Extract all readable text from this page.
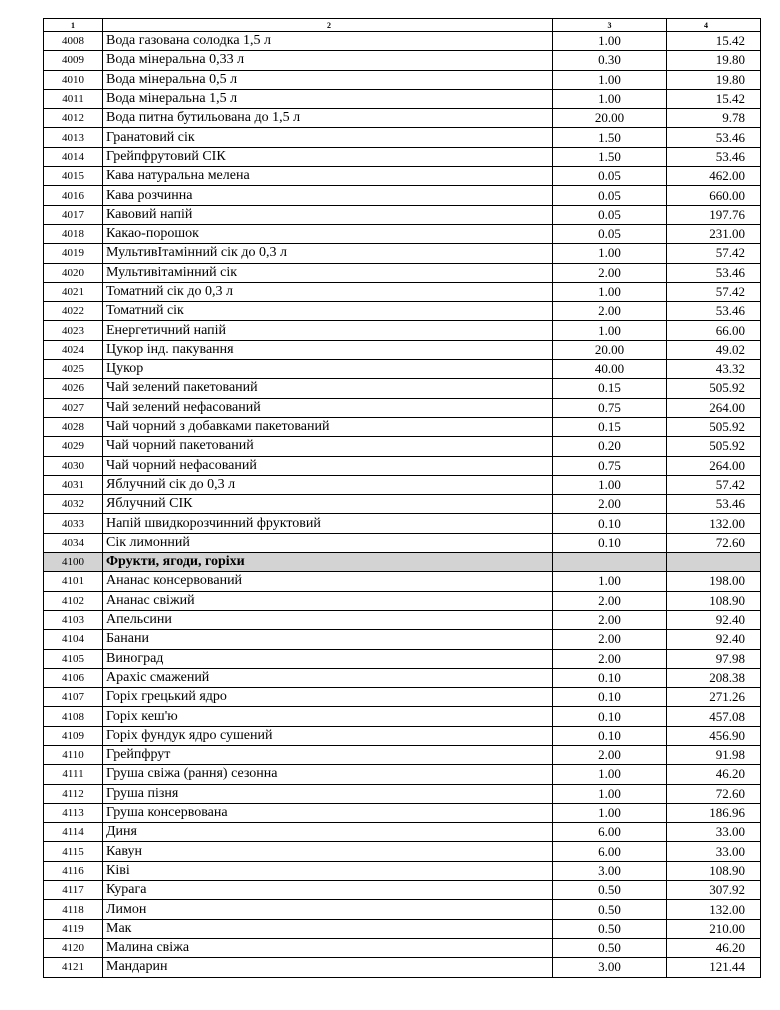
1	2	3	4
4008	Вода газована солодка 1,5 л	1.00	15.42
4009	Вода мінеральна 0,33 л	0.30	19.80
4010	Вода мінеральна 0,5 л	1.00	19.80
4011	Вода мінеральна 1,5 л	1.00	15.42
4012	Вода питна бутильована до 1,5 л	20.00	9.78
4013	Гранатовий сік	1.50	53.46
4014	Грейпфрутовий СІК	1.50	53.46
4015	Кава натуральна мелена	0.05	462.00
4016	Кава розчинна	0.05	660.00
4017	Кавовий напій	0.05	197.76
4018	Какао-порошок	0.05	231.00
4019	МультивІтамінний сік до 0,3 л	1.00	57.42
4020	Мультивітамінний сік	2.00	53.46
4021	Томатний сік до 0,3 л	1.00	57.42
4022	Томатний сік	2.00	53.46
4023	Енергетичний напій	1.00	66.00
4024	Цукор інд. пакування	20.00	49.02
4025	Цукор	40.00	43.32
4026	Чай зелений пакетований	0.15	505.92
4027	Чай зелений нефасований	0.75	264.00
4028	Чай чорний з добавками пакетований	0.15	505.92
4029	Чай чорний пакетований	0.20	505.92
4030	Чай чорний нефасований	0.75	264.00
4031	Яблучний сік до 0,3 л	1.00	57.42
4032	Яблучний СІК	2.00	53.46
4033	Напій швидкорозчинний фруктовий	0.10	132.00
4034	Сік лимонний	0.10	72.60
4100	Фрукти, ягоди, горіхи		
4101	Ананас консервований	1.00	198.00
4102	Ананас свіжий	2.00	108.90
4103	Апельсини	2.00	92.40
4104	Банани	2.00	92.40
4105	Виноград	2.00	97.98
4106	Арахіс смажений	0.10	208.38
4107	Горіх грецький ядро	0.10	271.26
4108	Горіх кеш'ю	0.10	457.08
4109	Горіх фундук ядро сушений	0.10	456.90
4110	Грейпфрут	2.00	91.98
4111	Груша свіжа (рання) сезонна	1.00	46.20
4112	Груша пізня	1.00	72.60
4113	Груша консервована	1.00	186.96
4114	Диня	6.00	33.00
4115	Кавун	6.00	33.00
4116	Ківі	3.00	108.90
4117	Курага	0.50	307.92
4118	Лимон	0.50	132.00
4119	Мак	0.50	210.00
4120	Малина свіжа	0.50	46.20
4121	Мандарин	3.00	121.44
